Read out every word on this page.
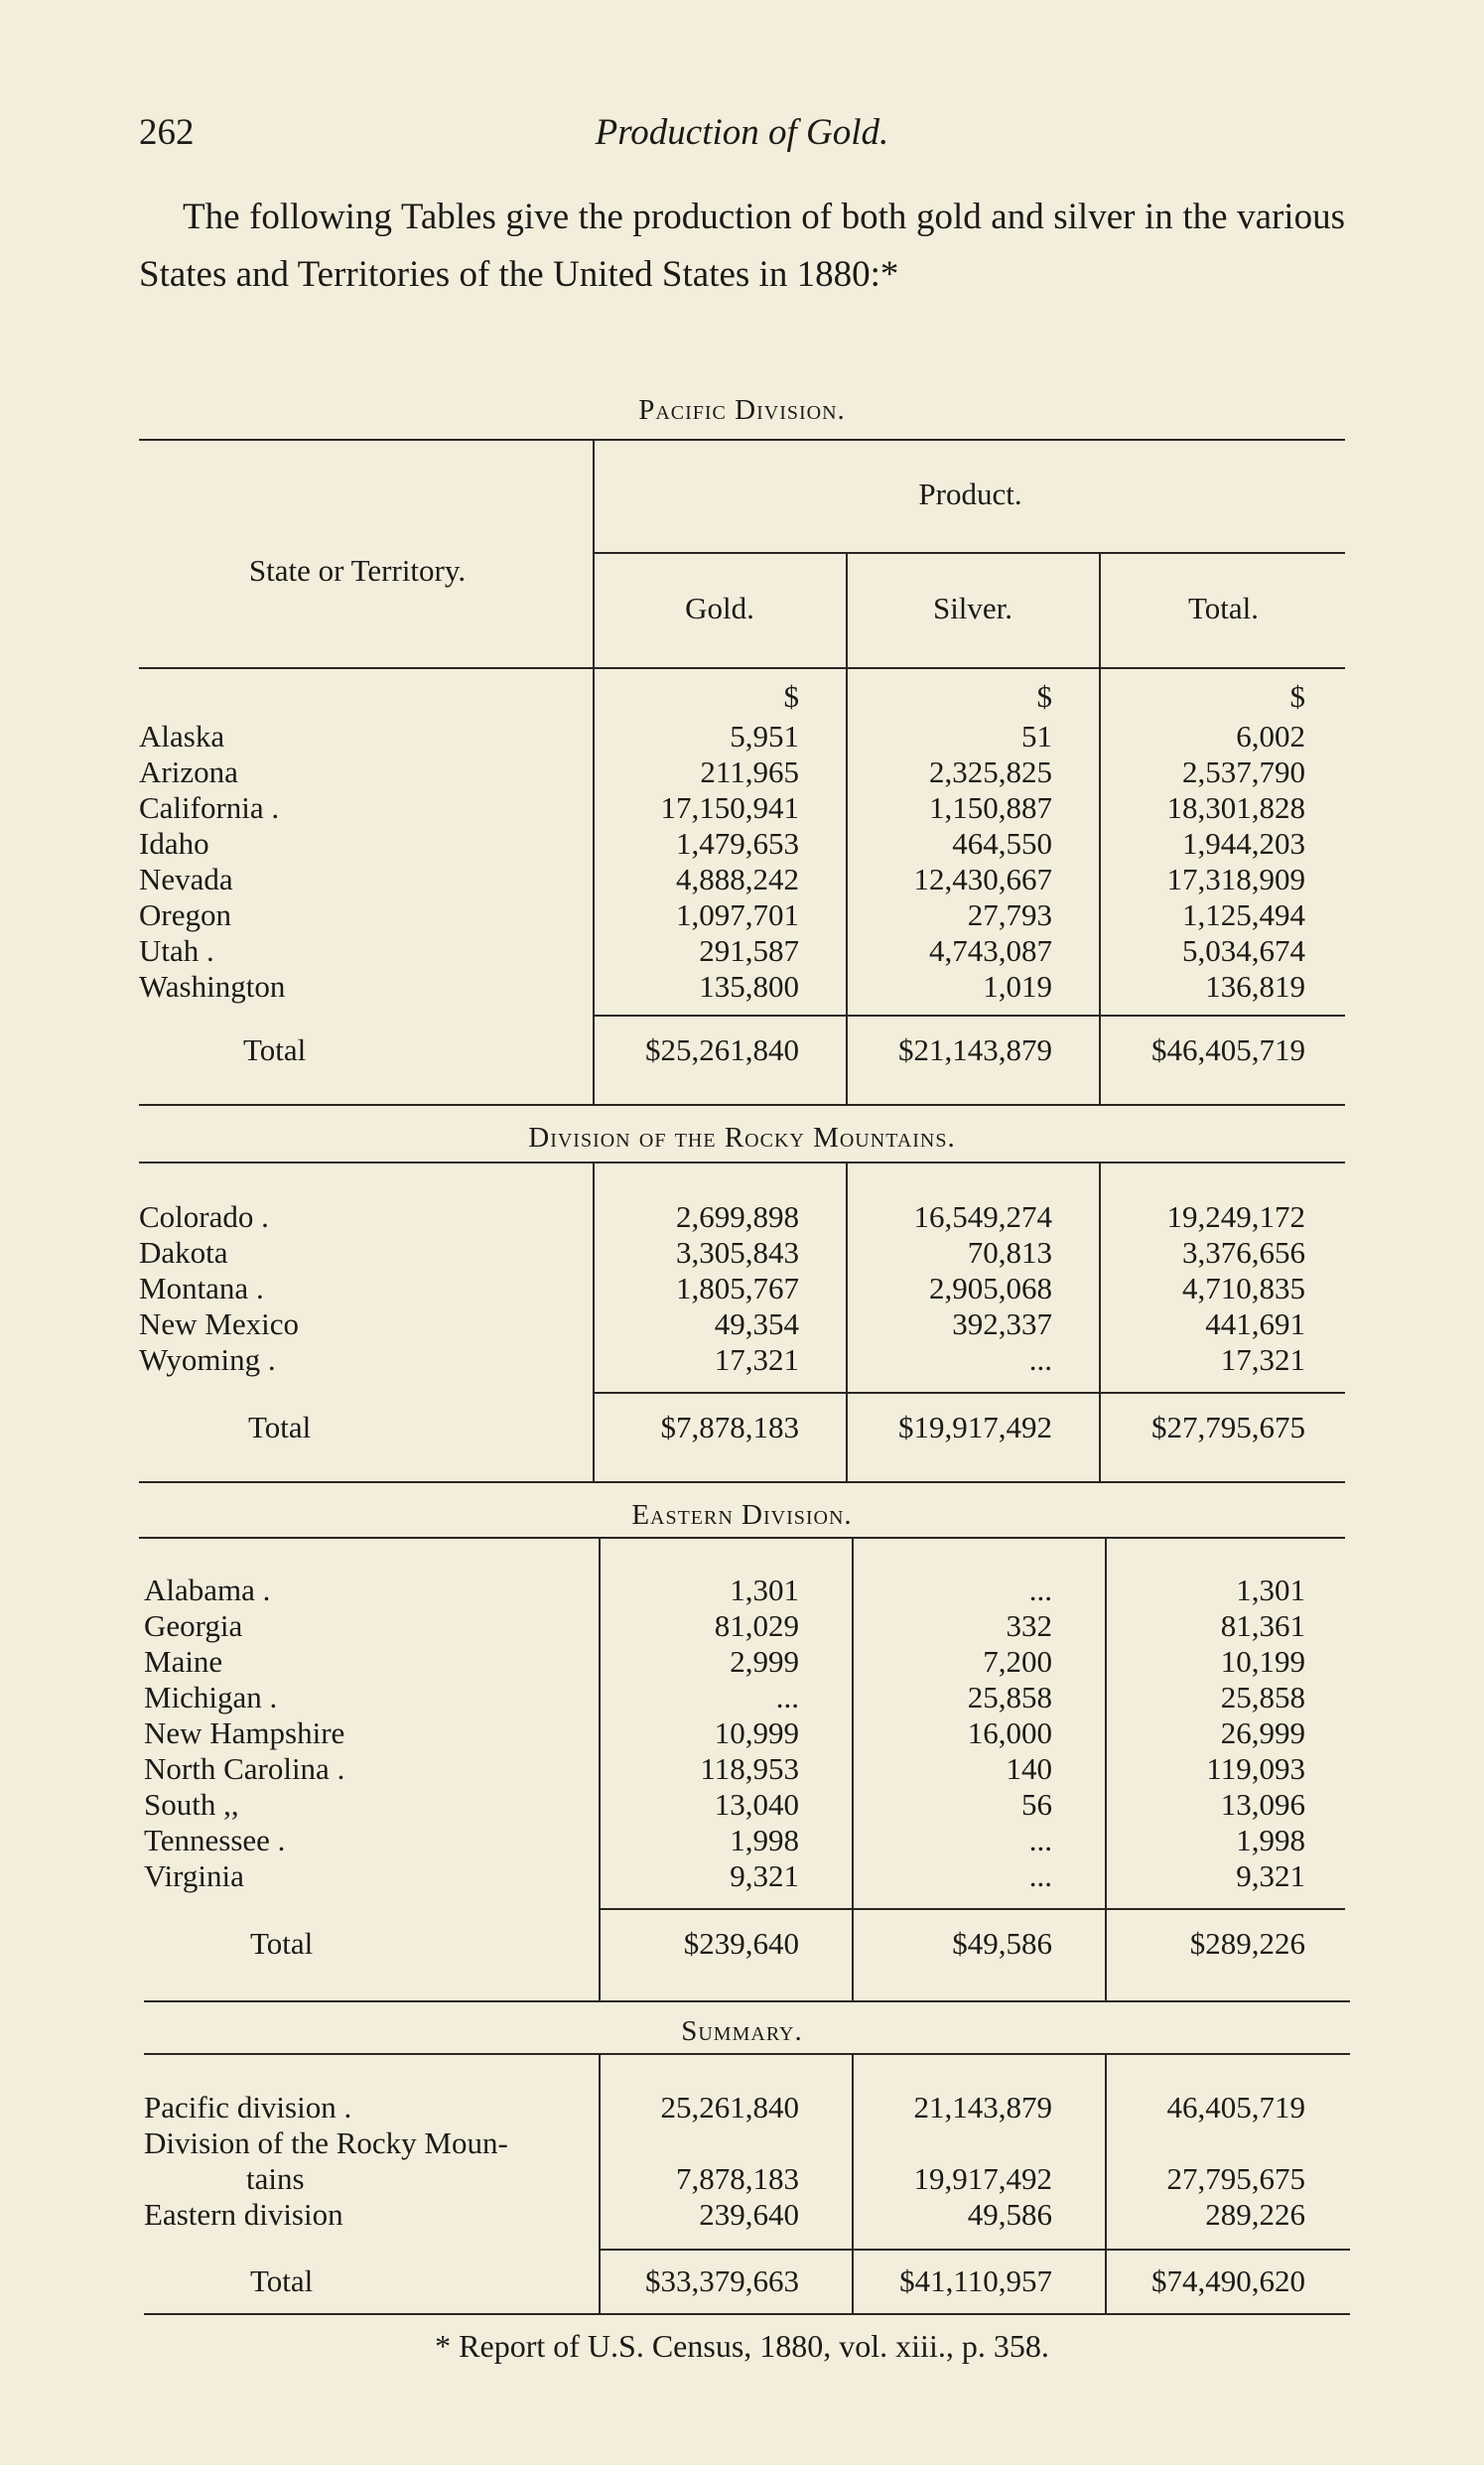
262	Production of Gold.

The following Tables give the production of both gold and silver in the various States and Territories of the United States in 1880:*

Pacific Division.
Product.
State or Territory.
Gold.	Silver.	Total.
$	$	$
Alaska	5,951	51	6,002
Arizona	211,965	2,325,825	2,537,790
California .	17,150,941	1,150,887	18,301,828
Idaho	1,479,653	464,550	1,944,203
Nevada	4,888,242	12,430,667	17,318,909
Oregon	1,097,701	27,793	1,125,494
Utah .	291,587	4,743,087	5,034,674
Washington	135,800	1,019	136,819
Total	$25,261,840	$21,143,879	$46,405,719
Division of the Rocky Mountains.
Colorado .	2,699,898	16,549,274	19,249,172
Dakota	3,305,843	70,813	3,376,656
Montana .	1,805,767	2,905,068	4,710,835
New Mexico	49,354	392,337	441,691
Wyoming .	17,321	...	17,321
Total	$7,878,183	$19,917,492	$27,795,675
Eastern Division.
Alabama .	1,301	...	1,301
Georgia	81,029	332	81,361
Maine	2,999	7,200	10,199
Michigan .	...	25,858	25,858
New Hampshire	10,999	16,000	26,999
North Carolina .	118,953	140	119,093
South ,,	13,040	56	13,096
Tennessee .	1,998	...	1,998
Virginia	9,321	...	9,321
Total	$239,640	$49,586	$289,226
Summary.
Pacific division .	25,261,840	21,143,879	46,405,719
Division of the Rocky Moun-
tains	7,878,183	19,917,492	27,795,675
Eastern division	239,640	49,586	289,226
Total	$33,379,663	$41,110,957	$74,490,620
* Report of U.S. Census, 1880, vol. xiii., p. 358.
